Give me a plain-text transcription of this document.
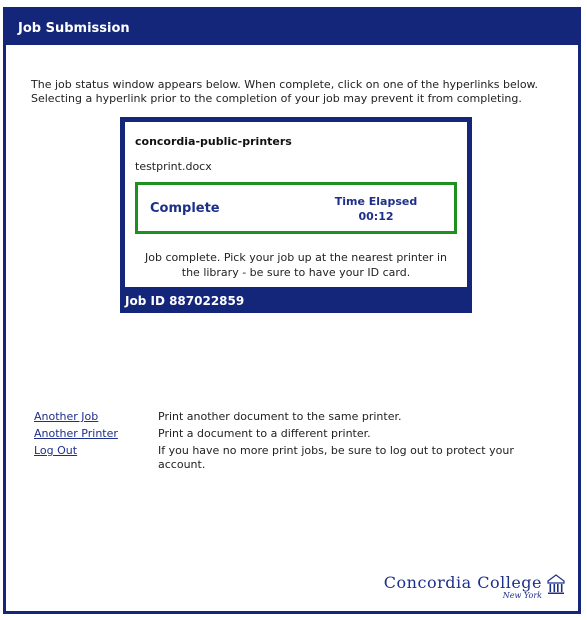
Job Submission
The job status window appears below. When complete, click on one of the hyperlinks below. Selecting a hyperlink prior to the completion of your job may prevent it from completing.
concordia-public-printers
testprint.docx
Complete	Time Elapsed
00:12
Job complete. Pick your job up at the nearest printer in the library - be sure to have your ID card.
Job ID 887022859
Another Job	Print another document to the same printer.
Another Printer	Print a document to a different printer.
Log Out	If you have no more print jobs, be sure to log out to protect your account.
Concordia College
New York
